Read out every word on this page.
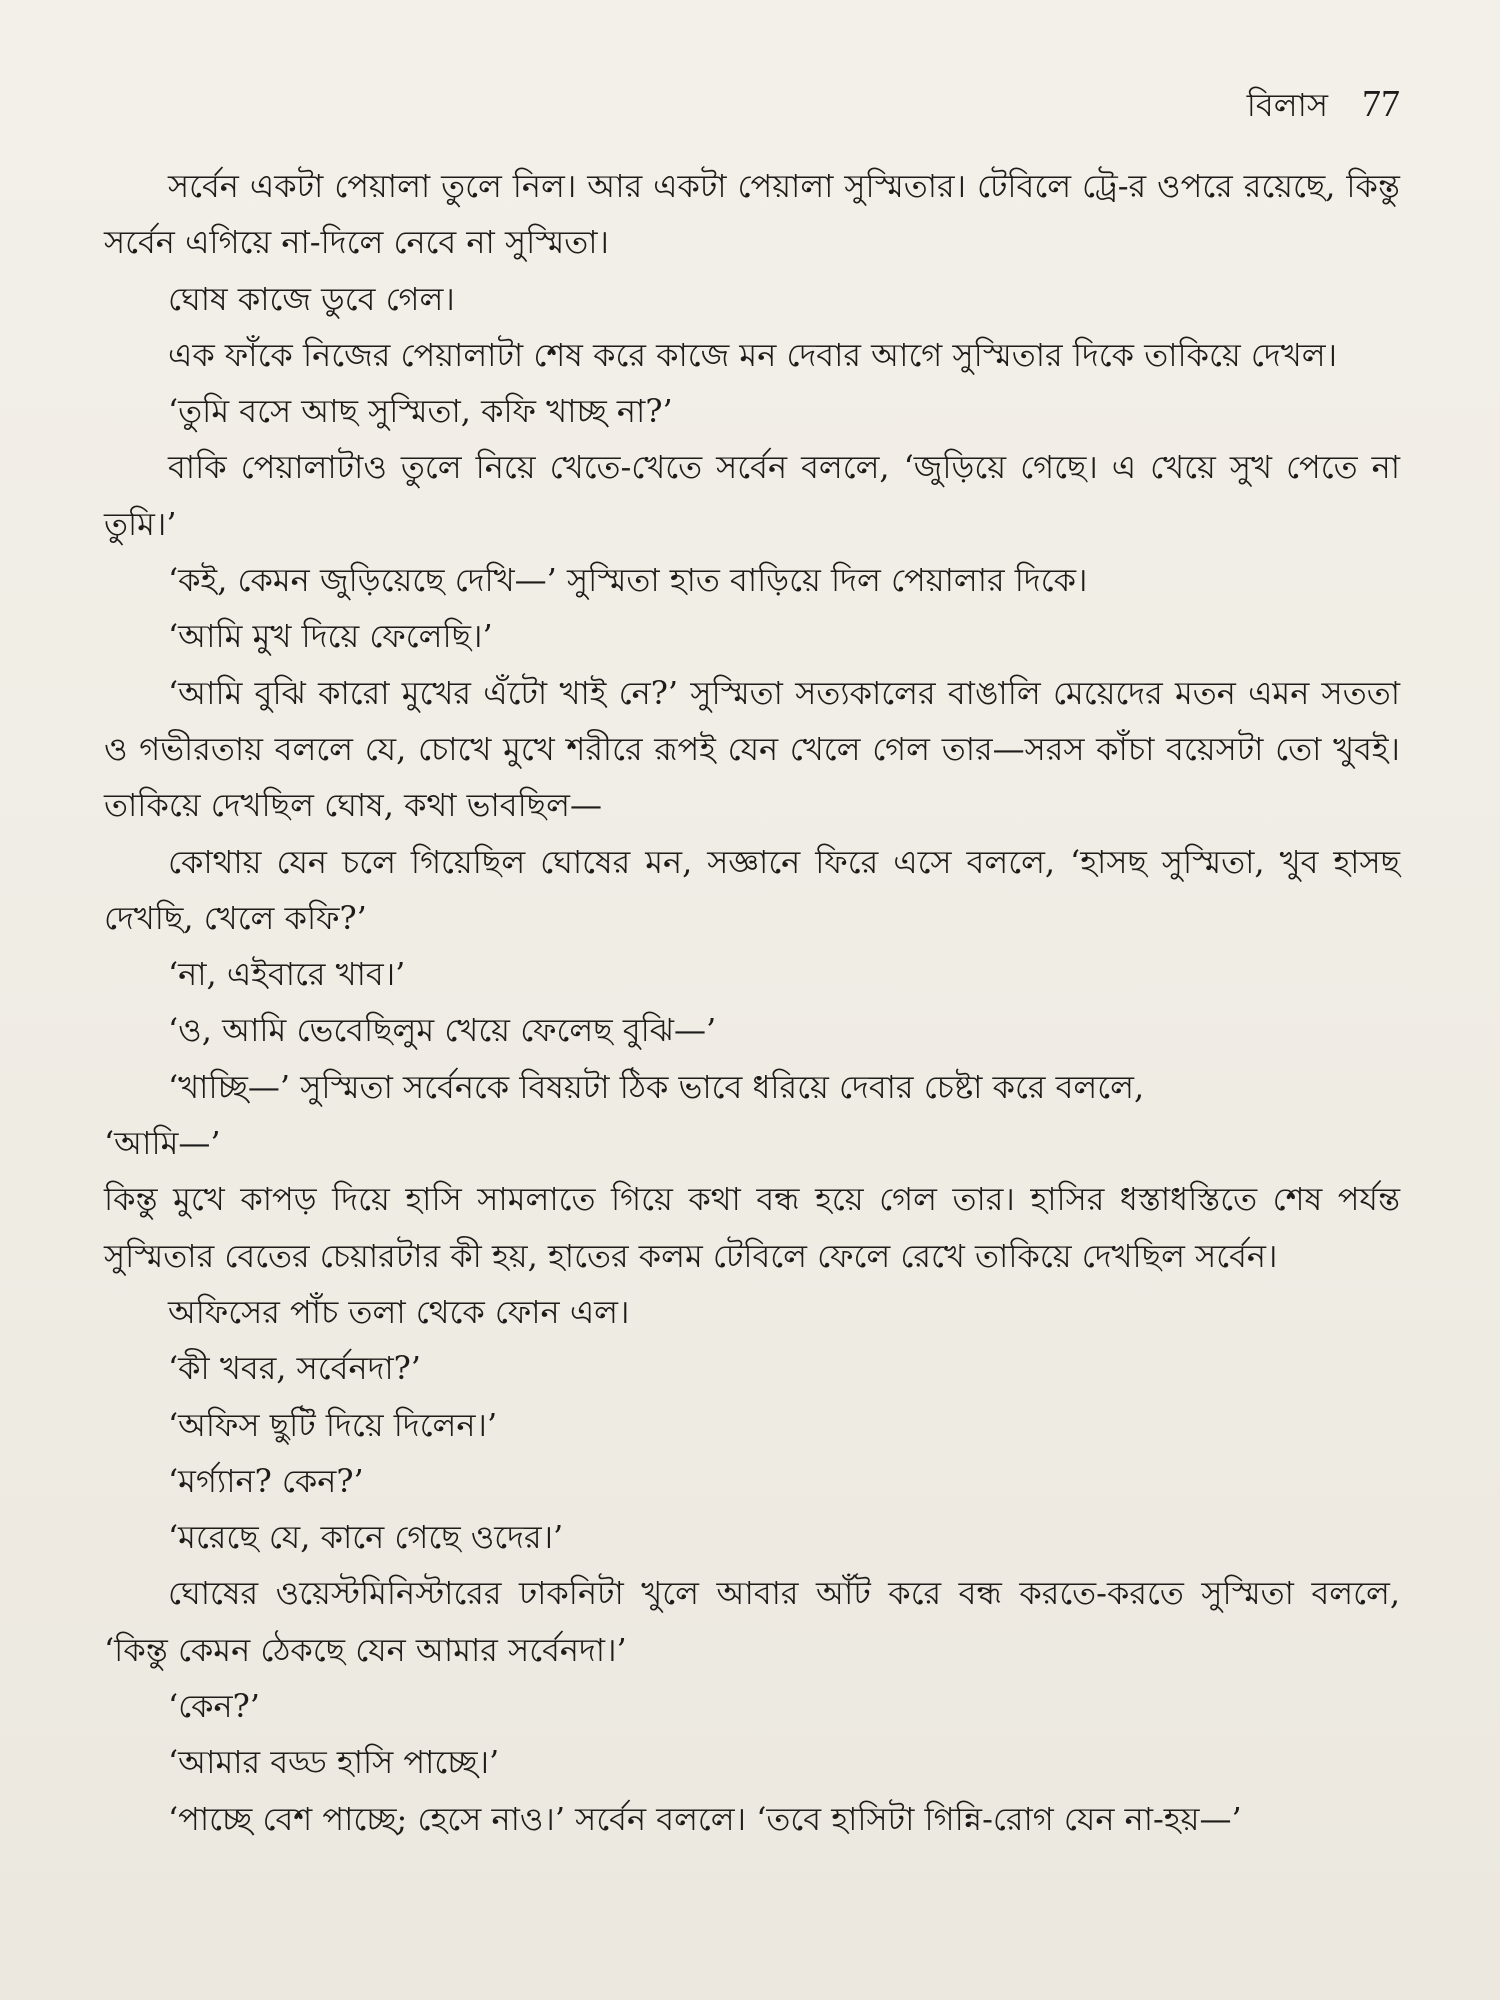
বিলাস 77

সর্বেন একটা পেয়ালা তুলে নিল। আর একটা পেয়ালা সুস্মিতার। টেবিলে ট্রে-র ওপরে রয়েছে, কিন্তু সর্বেন এগিয়ে না-দিলে নেবে না সুস্মিতা।

ঘোষ কাজে ডুবে গেল।

এক ফাঁকে নিজের পেয়ালাটা শেষ করে কাজে মন দেবার আগে সুস্মিতার দিকে তাকিয়ে দেখল।

‘তুমি বসে আছ সুস্মিতা, কফি খাচ্ছ না?’

বাকি পেয়ালাটাও তুলে নিয়ে খেতে-খেতে সর্বেন বললে, ‘জুড়িয়ে গেছে। এ খেয়ে সুখ পেতে না তুমি।’

‘কই, কেমন জুড়িয়েছে দেখি—’ সুস্মিতা হাত বাড়িয়ে দিল পেয়ালার দিকে।

‘আমি মুখ দিয়ে ফেলেছি।’

‘আমি বুঝি কারো মুখের এঁটো খাই নে?’ সুস্মিতা সত্যকালের বাঙালি মেয়েদের মতন এমন সততা ও গভীরতায় বললে যে, চোখে মুখে শরীরে রূপই যেন খেলে গেল তার—সরস কাঁচা বয়েসটা তো খুবই। তাকিয়ে দেখছিল ঘোষ, কথা ভাবছিল—

কোথায় যেন চলে গিয়েছিল ঘোষের মন, সজ্ঞানে ফিরে এসে বললে, ‘হাসছ সুস্মিতা, খুব হাসছ দেখছি, খেলে কফি?’

‘না, এইবারে খাব।’

‘ও, আমি ভেবেছিলুম খেয়ে ফেলেছ বুঝি—’

‘খাচ্ছি—’ সুস্মিতা সর্বেনকে বিষয়টা ঠিক ভাবে ধরিয়ে দেবার চেষ্টা করে বললে,

‘আমি—’

কিন্তু মুখে কাপড় দিয়ে হাসি সামলাতে গিয়ে কথা বন্ধ হয়ে গেল তার। হাসির ধস্তাধস্তিতে শেষ পর্যন্ত সুস্মিতার বেতের চেয়ারটার কী হয়, হাতের কলম টেবিলে ফেলে রেখে তাকিয়ে দেখছিল সর্বেন।

অফিসের পাঁচ তলা থেকে ফোন এল।

‘কী খবর, সর্বেনদা?’

‘অফিস ছুটি দিয়ে দিলেন।’

‘মর্গ্যান? কেন?’

‘মরেছে যে, কানে গেছে ওদের।’

ঘোষের ওয়েস্টমিনিস্টারের ঢাকনিটা খুলে আবার আঁট করে বন্ধ করতে-করতে সুস্মিতা বললে, ‘কিন্তু কেমন ঠেকছে যেন আমার সর্বেনদা।’

‘কেন?’

‘আমার বড্ড হাসি পাচ্ছে।’

‘পাচ্ছে বেশ পাচ্ছে; হেসে নাও।’ সর্বেন বললে। ‘তবে হাসিটা গিন্নি-রোগ যেন না-হয়—’
